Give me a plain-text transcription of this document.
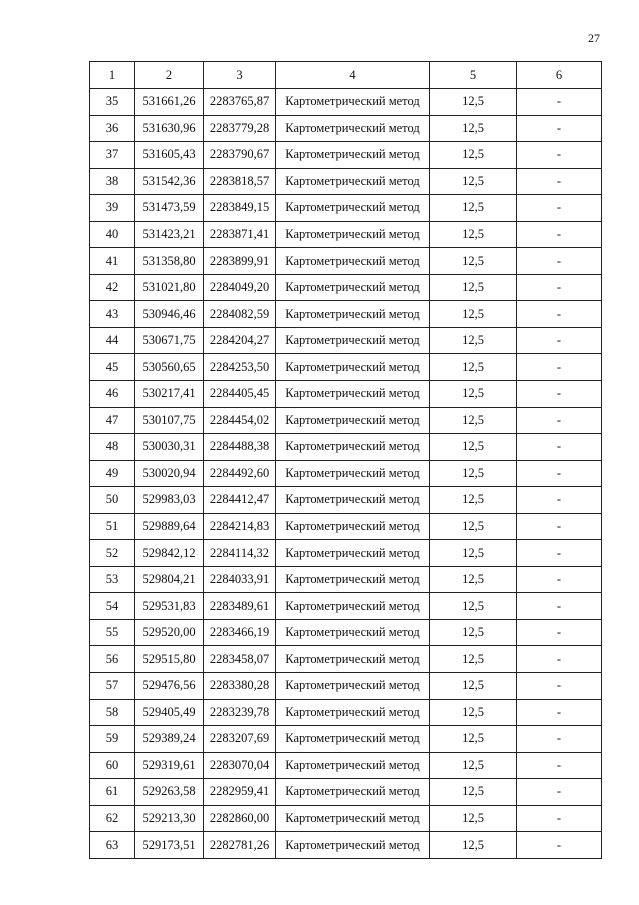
27
1	2	3	4	5	6
35	531661,26	2283765,87	Картометрический метод	12,5	-
36	531630,96	2283779,28	Картометрический метод	12,5	-
37	531605,43	2283790,67	Картометрический метод	12,5	-
38	531542,36	2283818,57	Картометрический метод	12,5	-
39	531473,59	2283849,15	Картометрический метод	12,5	-
40	531423,21	2283871,41	Картометрический метод	12,5	-
41	531358,80	2283899,91	Картометрический метод	12,5	-
42	531021,80	2284049,20	Картометрический метод	12,5	-
43	530946,46	2284082,59	Картометрический метод	12,5	-
44	530671,75	2284204,27	Картометрический метод	12,5	-
45	530560,65	2284253,50	Картометрический метод	12,5	-
46	530217,41	2284405,45	Картометрический метод	12,5	-
47	530107,75	2284454,02	Картометрический метод	12,5	-
48	530030,31	2284488,38	Картометрический метод	12,5	-
49	530020,94	2284492,60	Картометрический метод	12,5	-
50	529983,03	2284412,47	Картометрический метод	12,5	-
51	529889,64	2284214,83	Картометрический метод	12,5	-
52	529842,12	2284114,32	Картометрический метод	12,5	-
53	529804,21	2284033,91	Картометрический метод	12,5	-
54	529531,83	2283489,61	Картометрический метод	12,5	-
55	529520,00	2283466,19	Картометрический метод	12,5	-
56	529515,80	2283458,07	Картометрический метод	12,5	-
57	529476,56	2283380,28	Картометрический метод	12,5	-
58	529405,49	2283239,78	Картометрический метод	12,5	-
59	529389,24	2283207,69	Картометрический метод	12,5	-
60	529319,61	2283070,04	Картометрический метод	12,5	-
61	529263,58	2282959,41	Картометрический метод	12,5	-
62	529213,30	2282860,00	Картометрический метод	12,5	-
63	529173,51	2282781,26	Картометрический метод	12,5	-
